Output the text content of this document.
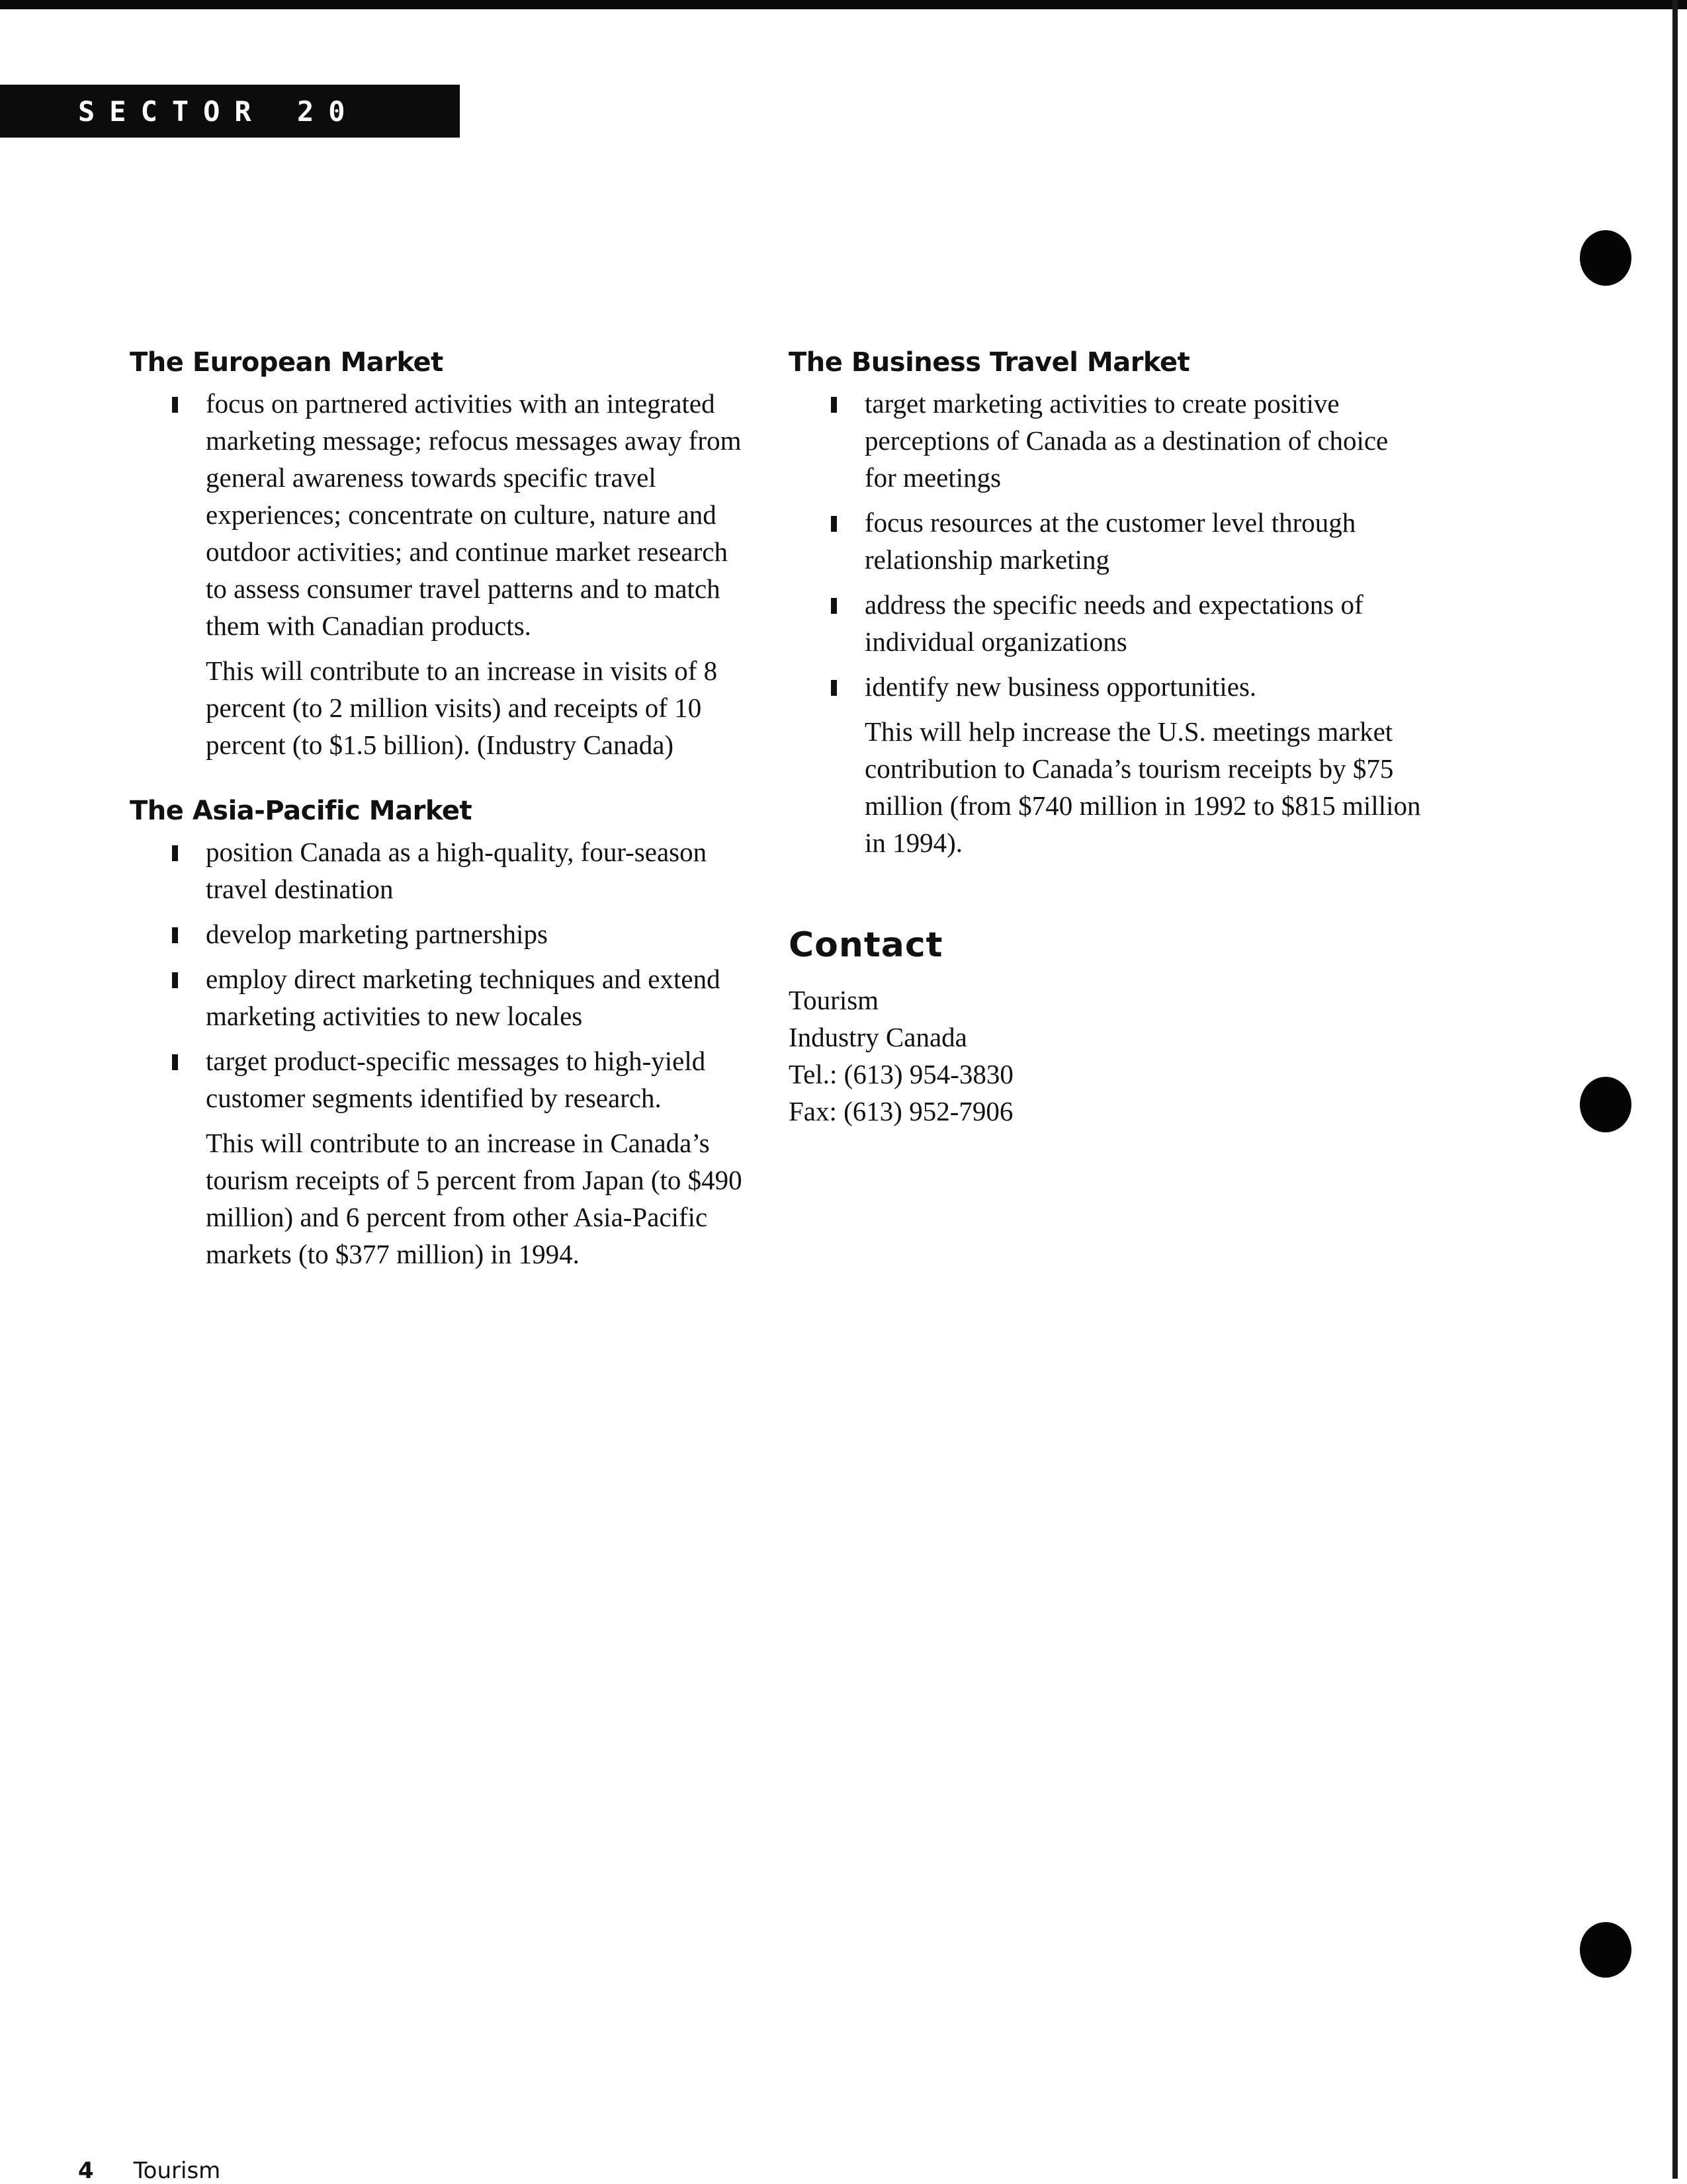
SECTOR 20
The European Market
focus on partnered activities with an integrated marketing message; refocus messages away from general awareness towards specific travel experiences; concentrate on culture, nature and outdoor activities; and continue market research to assess consumer travel patterns and to match them with Canadian products.

This will contribute to an increase in visits of 8 percent (to 2 million visits) and receipts of 10 percent (to $1.5 billion). (Industry Canada)

The Asia-Pacific Market
position Canada as a high-quality, four-season travel destination
develop marketing partnerships
employ direct marketing techniques and extend marketing activities to new locales
target product-specific messages to high-yield customer segments identified by research.

This will contribute to an increase in Canada’s tourism receipts of 5 percent from Japan (to $490 million) and 6 percent from other Asia-Pacific markets (to $377 million) in 1994.

The Business Travel Market
target marketing activities to create positive perceptions of Canada as a destination of choice for meetings
focus resources at the customer level through relationship marketing
address the specific needs and expectations of individual organizations
identify new business opportunities.

This will help increase the U.S. meetings market contribution to Canada’s tourism receipts by $75 million (from $740 million in 1992 to $815 million in 1994).

Contact

Tourism

Industry Canada

Tel.: (613) 954-3830

Fax: (613) 952-7906

4 Tourism
